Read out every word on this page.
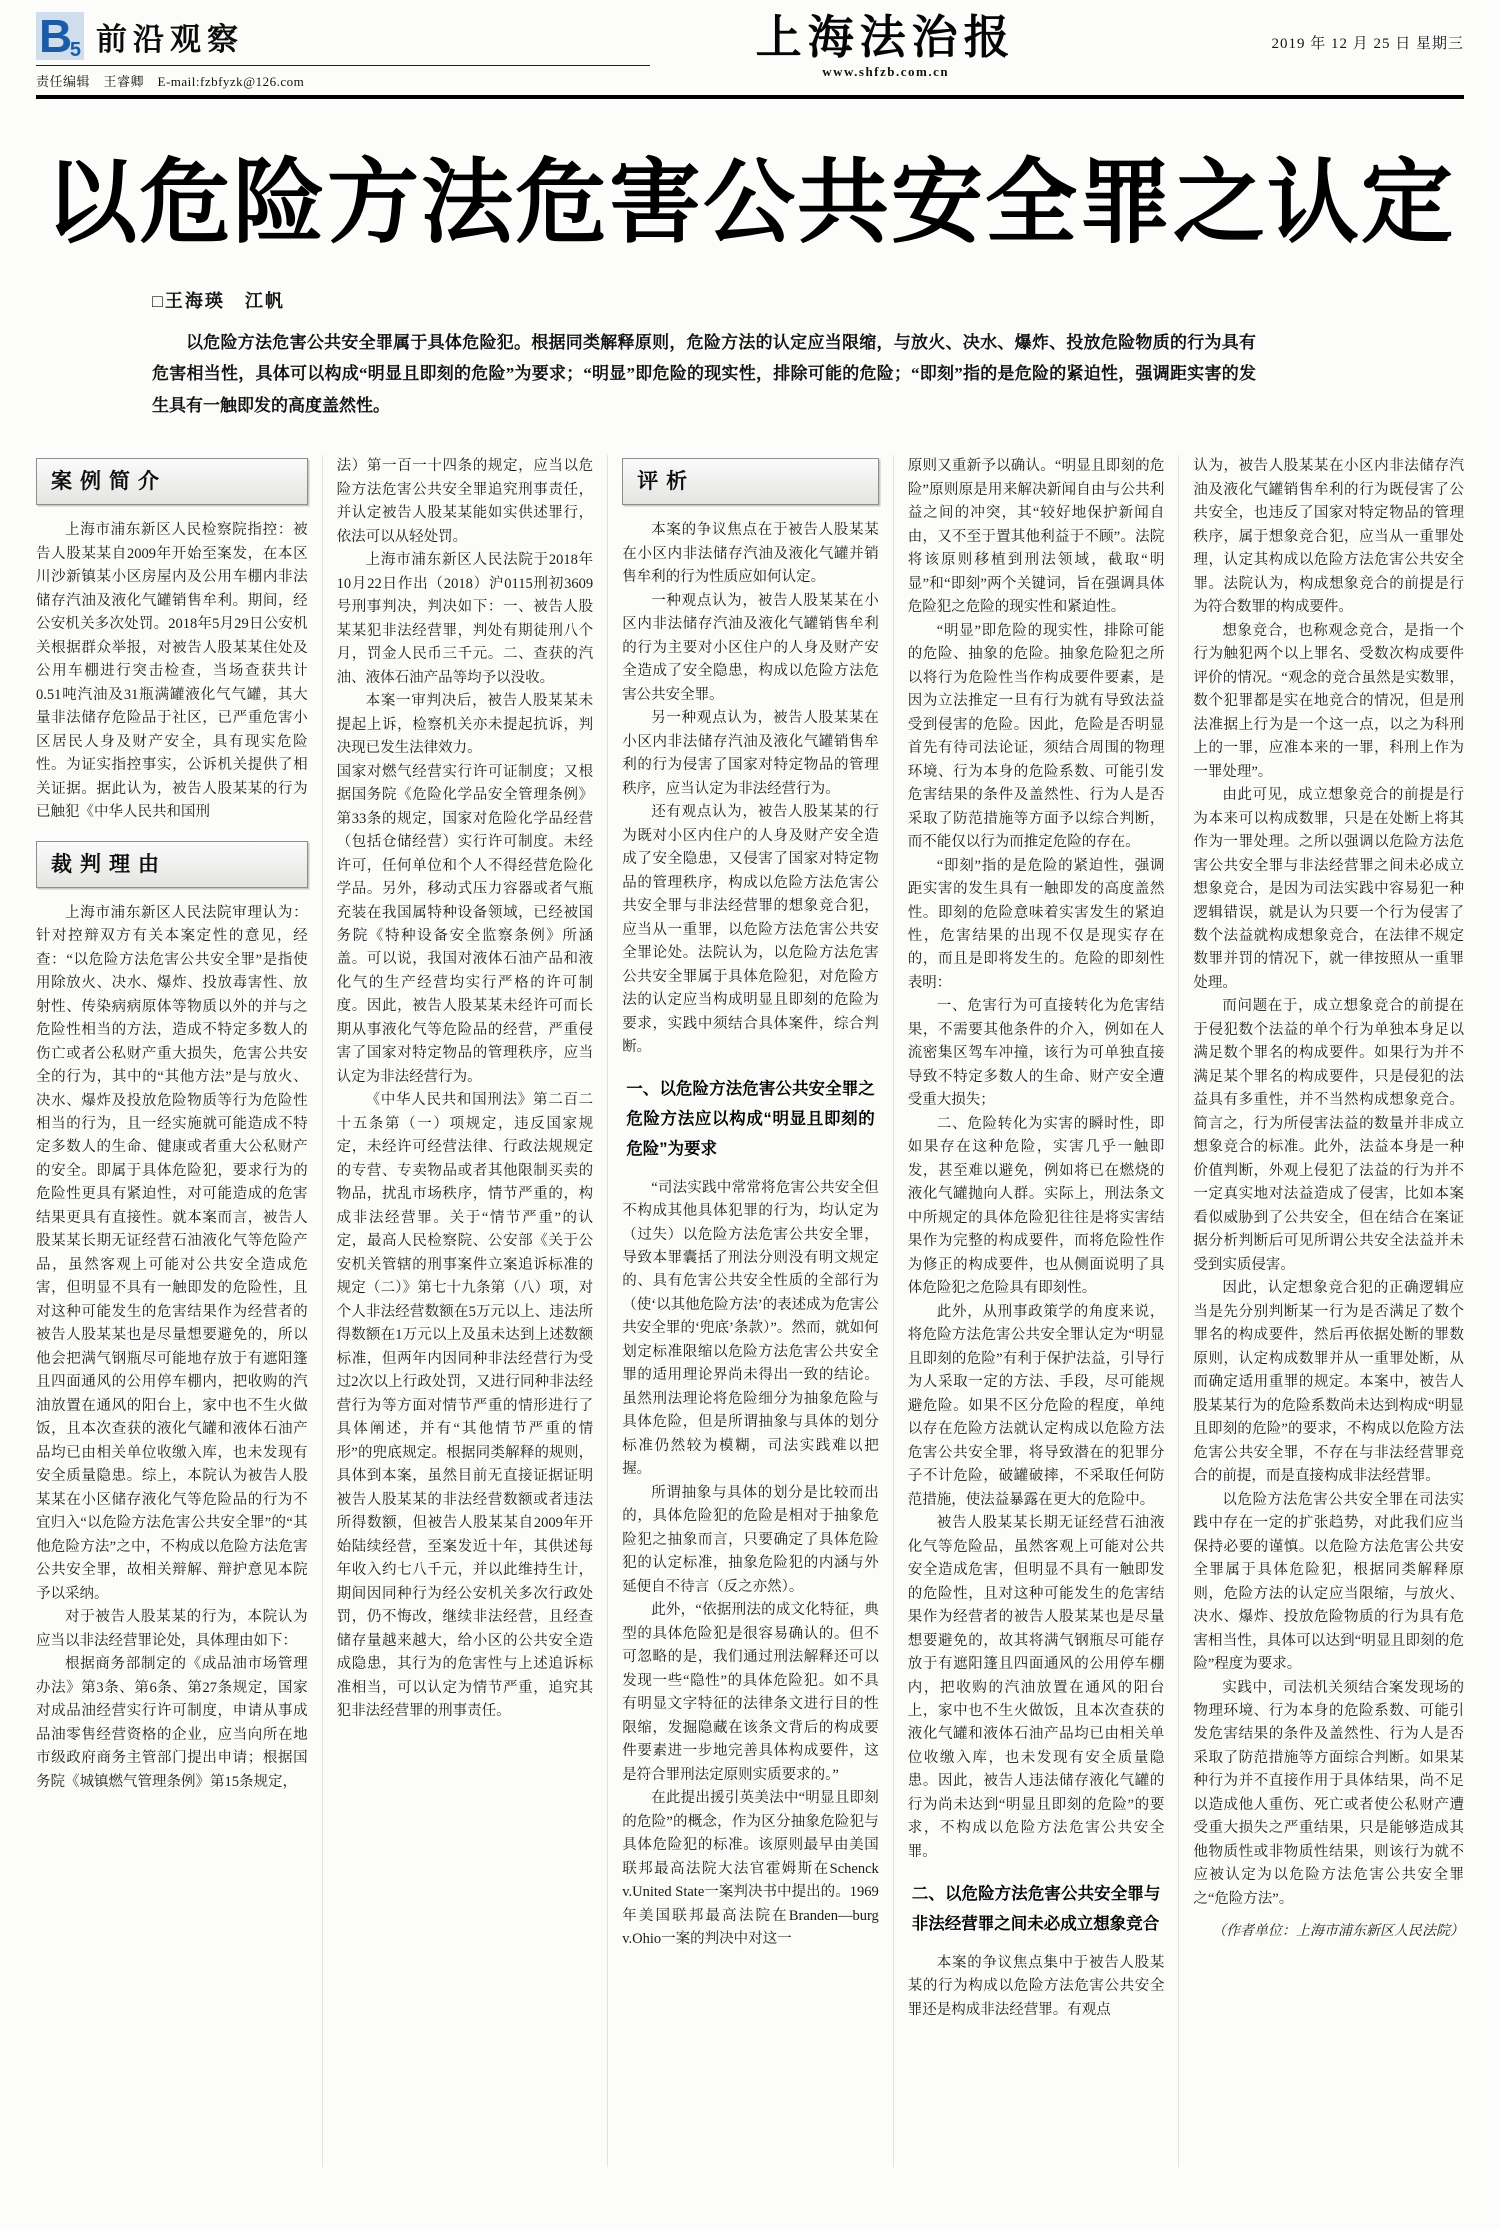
B
5 前沿观察
责任编辑　王睿卿　E-mail:fzbfyzk@126.com
上海法治报
www.shfzb.com.cn
2019 年 12 月 25 日 星期三
以危险方法危害公共安全罪之认定
□王海瑛　江帆

以危险方法危害公共安全罪属于具体危险犯。根据同类解释原则，危险方法的认定应当限缩，与放火、决水、爆炸、投放危险物质的行为具有危害相当性，具体可以构成“明显且即刻的危险”为要求；“明显”即危险的现实性，排除可能的危险；“即刻”指的是危险的紧迫性，强调距实害的发生具有一触即发的高度盖然性。

案例简介

上海市浦东新区人民检察院指控：被告人股某某自2009年开始至案发，在本区川沙新镇某小区房屋内及公用车棚内非法储存汽油及液化气罐销售牟利。期间，经公安机关多次处罚。2018年5月29日公安机关根据群众举报，对被告人股某某住处及公用车棚进行突击检查，当场查获共计0.51吨汽油及31瓶满罐液化气气罐，其大量非法储存危险品于社区，已严重危害小区居民人身及财产安全，具有现实危险性。为证实指控事实，公诉机关提供了相关证据。据此认为，被告人股某某的行为已触犯《中华人民共和国刑

裁判理由

上海市浦东新区人民法院审理认为：针对控辩双方有关本案定性的意见，经查：“以危险方法危害公共安全罪”是指使用除放火、决水、爆炸、投放毒害性、放射性、传染病病原体等物质以外的并与之危险性相当的方法，造成不特定多数人的伤亡或者公私财产重大损失，危害公共安全的行为，其中的“其他方法”是与放火、决水、爆炸及投放危险物质等行为危险性相当的行为，且一经实施就可能造成不特定多数人的生命、健康或者重大公私财产的安全。即属于具体危险犯，要求行为的危险性更具有紧迫性，对可能造成的危害结果更具有直接性。就本案而言，被告人股某某长期无证经营石油液化气等危险产品，虽然客观上可能对公共安全造成危害，但明显不具有一触即发的危险性，且对这种可能发生的危害结果作为经营者的被告人股某某也是尽量想要避免的，所以他会把满气钢瓶尽可能地存放于有遮阳篷且四面通风的公用停车棚内，把收购的汽油放置在通风的阳台上，家中也不生火做饭，且本次查获的液化气罐和液体石油产品均已由相关单位收缴入库，也未发现有安全质量隐患。综上，本院认为被告人股某某在小区储存液化气等危险品的行为不宜归入“以危险方法危害公共安全罪”的“其他危险方法”之中，不构成以危险方法危害公共安全罪，故相关辩解、辩护意见本院予以采纳。

对于被告人股某某的行为，本院认为应当以非法经营罪论处，具体理由如下：

根据商务部制定的《成品油市场管理办法》第3条、第6条、第27条规定，国家对成品油经营实行许可制度，申请从事成品油零售经营资格的企业，应当向所在地市级政府商务主管部门提出申请；根据国务院《城镇燃气管理条例》第15条规定，

法）第一百一十四条的规定，应当以危险方法危害公共安全罪追究刑事责任，并认定被告人股某某能如实供述罪行，依法可以从轻处罚。

上海市浦东新区人民法院于2018年10月22日作出（2018）沪0115刑初3609号刑事判决，判决如下：一、被告人股某某犯非法经营罪，判处有期徒刑八个月，罚金人民币三千元。二、查获的汽油、液体石油产品等均予以没收。

本案一审判决后，被告人股某某未提起上诉，检察机关亦未提起抗诉，判决现已发生法律效力。

国家对燃气经营实行许可证制度；又根据国务院《危险化学品安全管理条例》第33条的规定，国家对危险化学品经营（包括仓储经营）实行许可制度。未经许可，任何单位和个人不得经营危险化学品。另外，移动式压力容器或者气瓶充装在我国属特种设备领域，已经被国务院《特种设备安全监察条例》所涵盖。可以说，我国对液体石油产品和液化气的生产经营均实行严格的许可制度。因此，被告人股某某未经许可而长期从事液化气等危险品的经营，严重侵害了国家对特定物品的管理秩序，应当认定为非法经营行为。

《中华人民共和国刑法》第二百二十五条第（一）项规定，违反国家规定，未经许可经营法律、行政法规规定的专营、专卖物品或者其他限制买卖的物品，扰乱市场秩序，情节严重的，构成非法经营罪。关于“情节严重”的认定，最高人民检察院、公安部《关于公安机关管辖的刑事案件立案追诉标准的规定（二）》第七十九条第（八）项，对个人非法经营数额在5万元以上、违法所得数额在1万元以上及虽未达到上述数额标准，但两年内因同种非法经营行为受过2次以上行政处罚，又进行同种非法经营行为等方面对情节严重的情形进行了具体阐述，并有“其他情节严重的情形”的兜底规定。根据同类解释的规则，具体到本案，虽然目前无直接证据证明被告人股某某的非法经营数额或者违法所得数额，但被告人股某某自2009年开始陆续经营，至案发近十年，其供述每年收入约七八千元，并以此维持生计，期间因同种行为经公安机关多次行政处罚，仍不悔改，继续非法经营，且经查储存量越来越大，给小区的公共安全造成隐患，其行为的危害性与上述追诉标准相当，可以认定为情节严重，追究其犯非法经营罪的刑事责任。

评析

本案的争议焦点在于被告人股某某在小区内非法储存汽油及液化气罐并销售牟利的行为性质应如何认定。

一种观点认为，被告人股某某在小区内非法储存汽油及液化气罐销售牟利的行为主要对小区住户的人身及财产安全造成了安全隐患，构成以危险方法危害公共安全罪。

另一种观点认为，被告人股某某在小区内非法储存汽油及液化气罐销售牟利的行为侵害了国家对特定物品的管理秩序，应当认定为非法经营行为。

还有观点认为，被告人股某某的行为既对小区内住户的人身及财产安全造成了安全隐患，又侵害了国家对特定物品的管理秩序，构成以危险方法危害公共安全罪与非法经营罪的想象竞合犯，应当从一重罪，以危险方法危害公共安全罪论处。法院认为，以危险方法危害公共安全罪属于具体危险犯，对危险方法的认定应当构成明显且即刻的危险为要求，实践中须结合具体案件，综合判断。

一、以危险方法危害公共安全罪之危险方法应以构成“明显且即刻的危险”为要求

“司法实践中常常将危害公共安全但不构成其他具体犯罪的行为，均认定为（过失）以危险方法危害公共安全罪，导致本罪囊括了刑法分则没有明文规定的、具有危害公共安全性质的全部行为（使‘以其他危险方法’的表述成为危害公共安全罪的‘兜底’条款）”。然而，就如何划定标准限缩以危险方法危害公共安全罪的适用理论界尚未得出一致的结论。虽然刑法理论将危险细分为抽象危险与具体危险，但是所谓抽象与具体的划分标准仍然较为模糊，司法实践难以把握。

所谓抽象与具体的划分是比较而出的，具体危险犯的危险是相对于抽象危险犯之抽象而言，只要确定了具体危险犯的认定标准，抽象危险犯的内涵与外延便自不待言（反之亦然）。

此外，“依据刑法的成文化特征，典型的具体危险犯是很容易确认的。但不可忽略的是，我们通过刑法解释还可以发现一些“隐性”的具体危险犯。如不具有明显文字特征的法律条文进行目的性限缩，发掘隐藏在该条文背后的构成要件要素进一步地完善具体构成要件，这是符合罪刑法定原则实质要求的。”

在此提出援引英美法中“明显且即刻的危险”的概念，作为区分抽象危险犯与具体危险犯的标准。该原则最早由美国联邦最高法院大法官霍姆斯在Schenck v.United State一案判决书中提出的。1969年美国联邦最高法院在Branden—burg v.Ohio一案的判决中对这一

原则又重新予以确认。“明显且即刻的危险”原则原是用来解决新闻自由与公共利益之间的冲突，其“较好地保护新闻自由，又不至于置其他利益于不顾”。法院将该原则移植到刑法领域，截取“明显”和“即刻”两个关键词，旨在强调具体危险犯之危险的现实性和紧迫性。

“明显”即危险的现实性，排除可能的危险、抽象的危险。抽象危险犯之所以将行为危险性当作构成要件要素，是因为立法推定一旦有行为就有导致法益受到侵害的危险。因此，危险是否明显首先有待司法论证，须结合周围的物理环境、行为本身的危险系数、可能引发危害结果的条件及盖然性、行为人是否采取了防范措施等方面予以综合判断，而不能仅以行为而推定危险的存在。

“即刻”指的是危险的紧迫性，强调距实害的发生具有一触即发的高度盖然性。即刻的危险意味着实害发生的紧迫性，危害结果的出现不仅是现实存在的，而且是即将发生的。危险的即刻性表明：

一、危害行为可直接转化为危害结果，不需要其他条件的介入，例如在人流密集区驾车冲撞，该行为可单独直接导致不特定多数人的生命、财产安全遭受重大损失；

二、危险转化为实害的瞬时性，即如果存在这种危险，实害几乎一触即发，甚至难以避免，例如将已在燃烧的液化气罐抛向人群。实际上，刑法条文中所规定的具体危险犯往往是将实害结果作为完整的构成要件，而将危险性作为修正的构成要件，也从侧面说明了具体危险犯之危险具有即刻性。

此外，从刑事政策学的角度来说，将危险方法危害公共安全罪认定为“明显且即刻的危险”有利于保护法益，引导行为人采取一定的方法、手段，尽可能规避危险。如果不区分危险的程度，单纯以存在危险方法就认定构成以危险方法危害公共安全罪，将导致潜在的犯罪分子不计危险，破罐破摔，不采取任何防范措施，使法益暴露在更大的危险中。

被告人股某某长期无证经营石油液化气等危险品，虽然客观上可能对公共安全造成危害，但明显不具有一触即发的危险性，且对这种可能发生的危害结果作为经营者的被告人股某某也是尽量想要避免的，故其将满气钢瓶尽可能存放于有遮阳篷且四面通风的公用停车棚内，把收购的汽油放置在通风的阳台上，家中也不生火做饭，且本次查获的液化气罐和液体石油产品均已由相关单位收缴入库，也未发现有安全质量隐患。因此，被告人违法储存液化气罐的行为尚未达到“明显且即刻的危险”的要求，不构成以危险方法危害公共安全罪。

二、以危险方法危害公共安全罪与非法经营罪之间未必成立想象竞合

本案的争议焦点集中于被告人股某某的行为构成以危险方法危害公共安全罪还是构成非法经营罪。有观点

认为，被告人股某某在小区内非法储存汽油及液化气罐销售牟利的行为既侵害了公共安全，也违反了国家对特定物品的管理秩序，属于想象竞合犯，应当从一重罪处理，认定其构成以危险方法危害公共安全罪。法院认为，构成想象竞合的前提是行为符合数罪的构成要件。

想象竞合，也称观念竞合，是指一个行为触犯两个以上罪名、受数次构成要件评价的情况。“观念的竞合虽然是实数罪，数个犯罪都是实在地竞合的情况，但是刑法准据上行为是一个这一点，以之为科刑上的一罪，应准本来的一罪，科刑上作为一罪处理”。

由此可见，成立想象竞合的前提是行为本来可以构成数罪，只是在处断上将其作为一罪处理。之所以强调以危险方法危害公共安全罪与非法经营罪之间未必成立想象竞合，是因为司法实践中容易犯一种逻辑错误，就是认为只要一个行为侵害了数个法益就构成想象竞合，在法律不规定数罪并罚的情况下，就一律按照从一重罪处理。

而问题在于，成立想象竞合的前提在于侵犯数个法益的单个行为单独本身足以满足数个罪名的构成要件。如果行为并不满足某个罪名的构成要件，只是侵犯的法益具有多重性，并不当然构成想象竞合。简言之，行为所侵害法益的数量并非成立想象竞合的标准。此外，法益本身是一种价值判断，外观上侵犯了法益的行为并不一定真实地对法益造成了侵害，比如本案看似威胁到了公共安全，但在结合在案证据分析判断后可见所谓公共安全法益并未受到实质侵害。

因此，认定想象竞合犯的正确逻辑应当是先分别判断某一行为是否满足了数个罪名的构成要件，然后再依据处断的罪数原则，认定构成数罪并从一重罪处断，从而确定适用重罪的规定。本案中，被告人股某某行为的危险系数尚未达到构成“明显且即刻的危险”的要求，不构成以危险方法危害公共安全罪，不存在与非法经营罪竞合的前提，而是直接构成非法经营罪。

以危险方法危害公共安全罪在司法实践中存在一定的扩张趋势，对此我们应当保持必要的谨慎。以危险方法危害公共安全罪属于具体危险犯，根据同类解释原则，危险方法的认定应当限缩，与放火、决水、爆炸、投放危险物质的行为具有危害相当性，具体可以达到“明显且即刻的危险”程度为要求。

实践中，司法机关须结合案发现场的物理环境、行为本身的危险系数、可能引发危害结果的条件及盖然性、行为人是否采取了防范措施等方面综合判断。如果某种行为并不直接作用于具体结果，尚不足以造成他人重伤、死亡或者使公私财产遭受重大损失之严重结果，只是能够造成其他物质性或非物质性结果，则该行为就不应被认定为以危险方法危害公共安全罪之“危险方法”。

（作者单位：上海市浦东新区人民法院）
